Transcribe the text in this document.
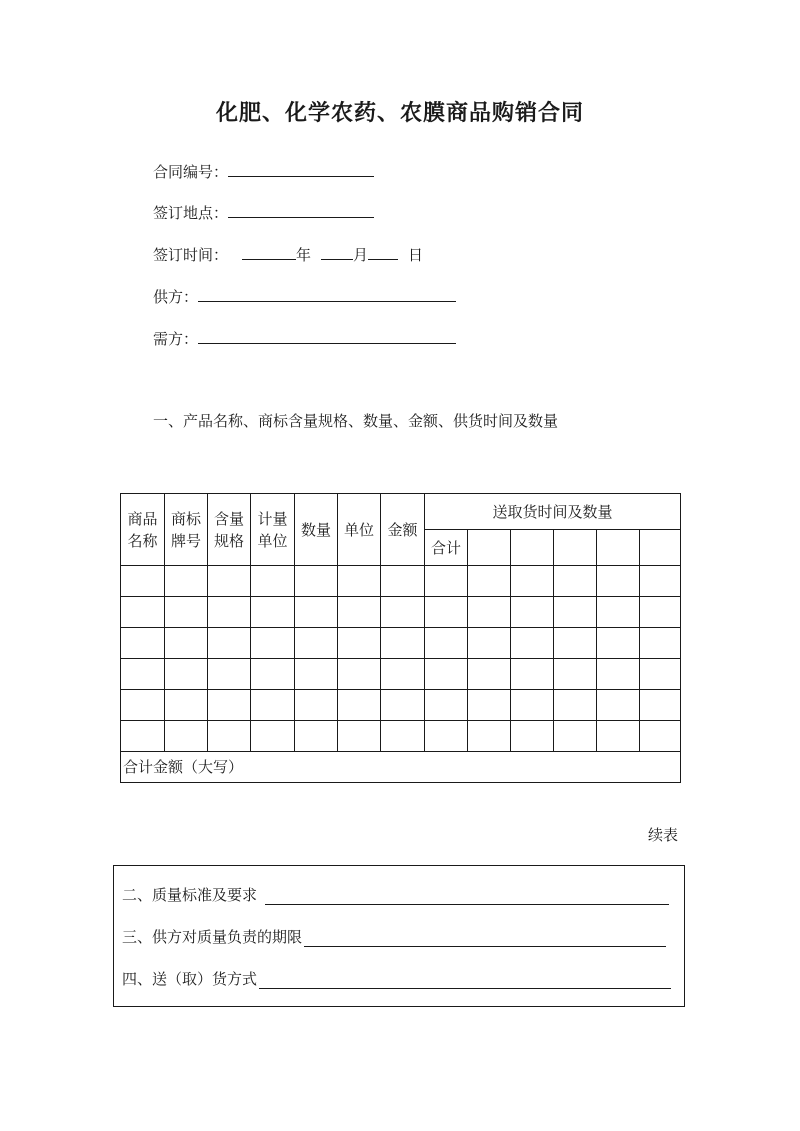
化肥、化学农药、农膜商品购销合同
合同编号：
签订地点：
签订时间：	年	月	日
供方：
需方：
一、产品名称、商标含量规格、数量、金额、供货时间及数量
商品名称	商标牌号	含量规格	计量单位	数量	单位	金额	送取货时间及数量					
							合计					

合计金额（大写）												
续表
二、质量标准及要求
三、供方对质量负责的期限
四、送（取）货方式
